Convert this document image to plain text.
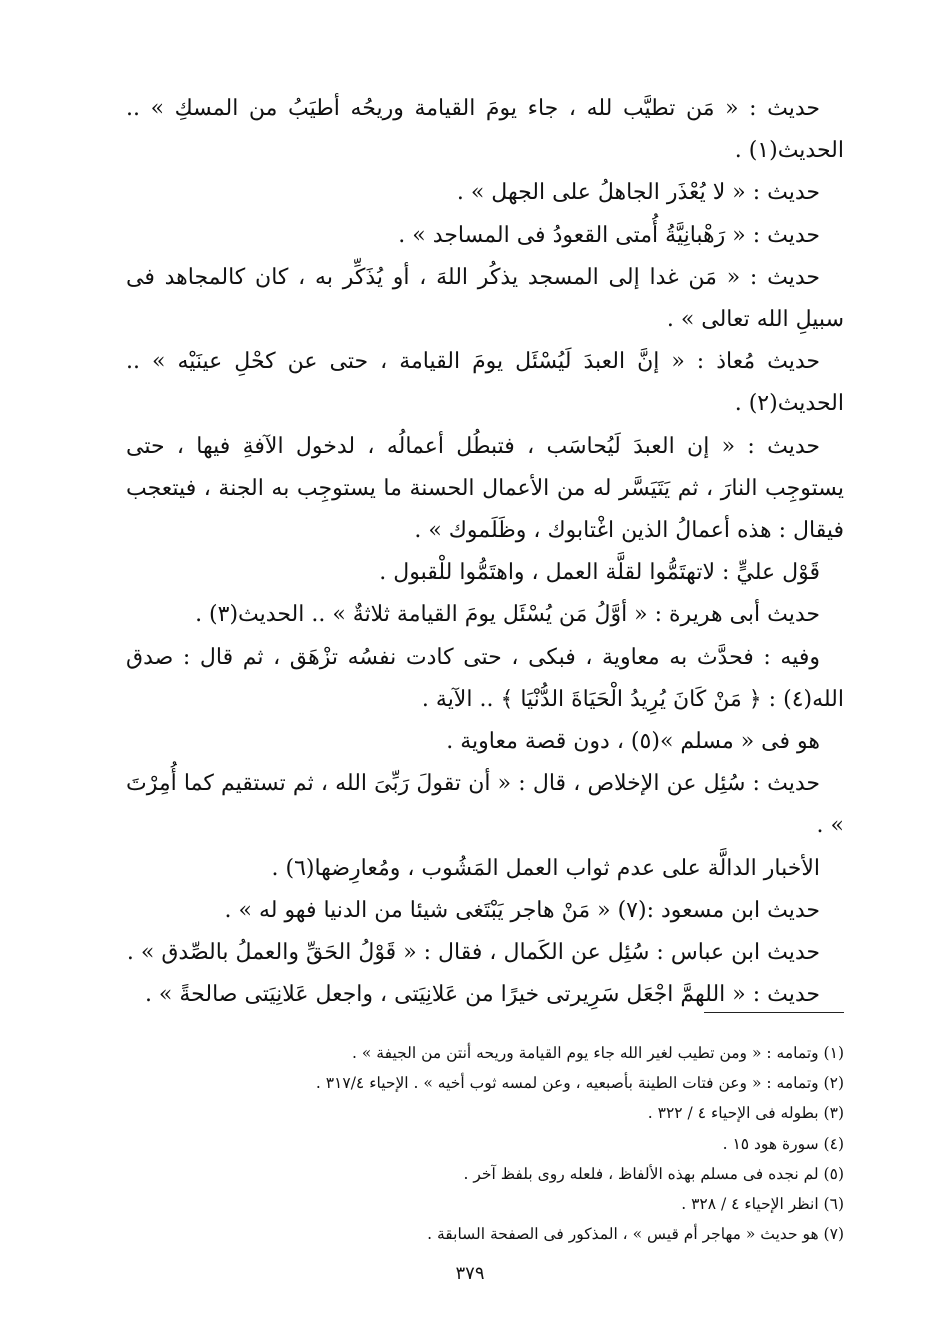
حديث : « مَن تطيَّب لله ، جاء يومَ القيامة وريحُه أطيَبُ من المسكِ » .. الحديث(١) .

حديث : « لا يُعْذَر الجاهلُ على الجهل » .

حديث : « رَهْبانِيَّةُ أُمتى القعودُ فى المساجد » .

حديث : « مَن غدا إلى المسجد يذكُر اللهَ ، أو يُذَكِّر به ، كان كالمجاهد فى سبيلِ الله تعالى » .

حديث مُعاذ : « إنَّ العبدَ لَيُسْئَل يومَ القيامة ، حتى عن كحْلِ عينَيْه » .. الحديث(٢) .

حديث : « إن العبدَ لَيُحاسَب ، فتبطُل أعمالُه ، لدخول الآفةِ فيها ، حتى يستوجِب النارَ ، ثم يَتَيَسَّر له من الأعمال الحسنة ما يستوجِب به الجنة ، فيتعجب فيقال : هذه أعمالُ الذين اغْتابوك ، وظَلَموك » .

قَوْل عليٍّ : لاتهتَمُّوا لقلَّة العمل ، واهتَمُّوا للْقبول .

حديث أبى هريرة : « أوَّلُ مَن يُسْئَل يومَ القيامة ثلاثةٌ » .. الحديث(٣) .

وفيه : فحدَّث به معاوية ، فبكى ، حتى كادت نفسُه تزْهَق ، ثم قال : صدق الله(٤) : ﴿ مَنْ كَانَ يُرِيدُ الْحَيَاةَ الدُّنْيَا ﴾ .. الآية .

هو فى « مسلم »(٥) ، دون قصة معاوية .

حديث : سُئِل عن الإخلاص ، قال : « أن تقولَ رَبِّىَ الله ، ثم تستقيم كما أُمِرْتَ » .

الأخبار الدالَّة على عدم ثواب العمل المَشُوب ، ومُعارِضها(٦) .

حديث ابن مسعود :(٧) « مَنْ هاجر يَبْتَغى شيئا من الدنيا فهو له » .

حديث ابن عباس : سُئِل عن الكَمال ، فقال : « قَوْلُ الحَقِّ والعملُ بالصِّدق » .

حديث : « اللهمَّ اجْعَل سَرِيرتى خيرًا من عَلانِيَتى ، واجعل عَلانِيَتى صالحةً » .

(١) وتمامه : « ومن تطيب لغير الله جاء يوم القيامة وريحه أنتن من الجيفة » .

(٢) وتمامه : « وعن فتات الطينة بأصبعيه ، وعن لمسه ثوب أخيه » . الإحياء ٣١٧/٤ .

(٣) بطوله فى الإحياء ٤ / ٣٢٢ .

(٤) سورة هود ١٥ .

(٥) لم نجده فى مسلم بهذه الألفاظ ، فلعله روى بلفظ آخر .

(٦) انظر الإحياء ٤ / ٣٢٨ .

(٧) هو حديث « مهاجر أم قيس » ، المذكور فى الصفحة السابقة .

٣٧٩
